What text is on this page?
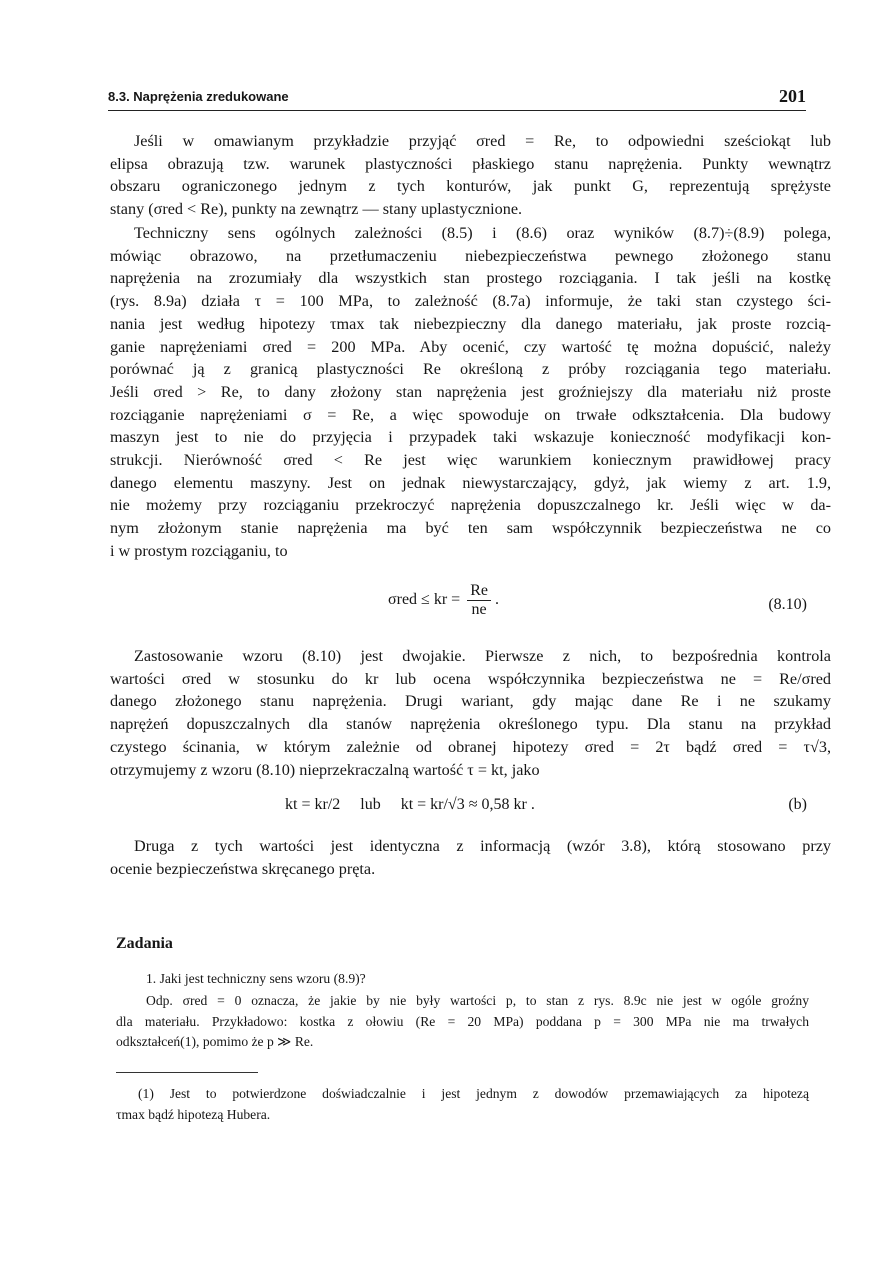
8.3. Naprężenia zredukowane	201
Jeśli w omawianym przykładzie przyjąć σred = Re, to odpowiedni sześciokąt lub
elipsa obrazują tzw. warunek plastyczności płaskiego stanu naprężenia. Punkty wewnątrz
obszaru ograniczonego jednym z tych konturów, jak punkt G, reprezentują sprężyste
stany (σred < Re), punkty na zewnątrz — stany uplastycznione.
Techniczny sens ogólnych zależności (8.5) i (8.6) oraz wyników (8.7)÷(8.9) polega,
mówiąc obrazowo, na przetłumaczeniu niebezpieczeństwa pewnego złożonego stanu
naprężenia na zrozumiały dla wszystkich stan prostego rozciągania. I tak jeśli na kostkę
(rys. 8.9a) działa τ = 100 MPa, to zależność (8.7a) informuje, że taki stan czystego ści-
nania jest według hipotezy τmax tak niebezpieczny dla danego materiału, jak proste rozcią-
ganie naprężeniami σred = 200 MPa. Aby ocenić, czy wartość tę można dopuścić, należy
porównać ją z granicą plastyczności Re określoną z próby rozciągania tego materiału.
Jeśli σred > Re, to dany złożony stan naprężenia jest groźniejszy dla materiału niż proste
rozciąganie naprężeniami σ = Re, a więc spowoduje on trwałe odkształcenia. Dla budowy
maszyn jest to nie do przyjęcia i przypadek taki wskazuje konieczność modyfikacji kon-
strukcji. Nierówność σred < Re jest więc warunkiem koniecznym prawidłowej pracy
danego elementu maszyny. Jest on jednak niewystarczający, gdyż, jak wiemy z art. 1.9,
nie możemy przy rozciąganiu przekroczyć naprężenia dopuszczalnego kr. Jeśli więc w da-
nym złożonym stanie naprężenia ma być ten sam współczynnik bezpieczeństwa ne co
i w prostym rozciąganiu, to
σred ≤ kr = $\frac{Re}{ne}$ .	(8.10)
Zastosowanie wzoru (8.10) jest dwojakie. Pierwsze z nich, to bezpośrednia kontrola
wartości σred w stosunku do kr lub ocena współczynnika bezpieczeństwa ne = Re/σred
danego złożonego stanu naprężenia. Drugi wariant, gdy mając dane Re i ne szukamy
naprężeń dopuszczalnych dla stanów naprężenia określonego typu. Dla stanu na przykład
czystego ścinania, w którym zależnie od obranej hipotezy σred = 2τ bądź σred = τ√3,
otrzymujemy z wzoru (8.10) nieprzekraczalną wartość τ = kt, jako
kt = kr/2     lub     kt = kr/√3 ≈ 0,58 kr .	(b)
Druga z tych wartości jest identyczna z informacją (wzór 3.8), którą stosowano przy
ocenie bezpieczeństwa skręcanego pręta.
Zadania
1. Jaki jest techniczny sens wzoru (8.9)?
Odp. σred = 0 oznacza, że jakie by nie były wartości p, to stan z rys. 8.9c nie jest w ogóle groźny
dla materiału. Przykładowo: kostka z ołowiu (Re = 20 MPa) poddana p = 300 MPa nie ma trwałych
odkształceń(1), pomimo że p ≫ Re.
(1) Jest to potwierdzone doświadczalnie i jest jednym z dowodów przemawiających za hipotezą
τmax bądź hipotezą Hubera.
